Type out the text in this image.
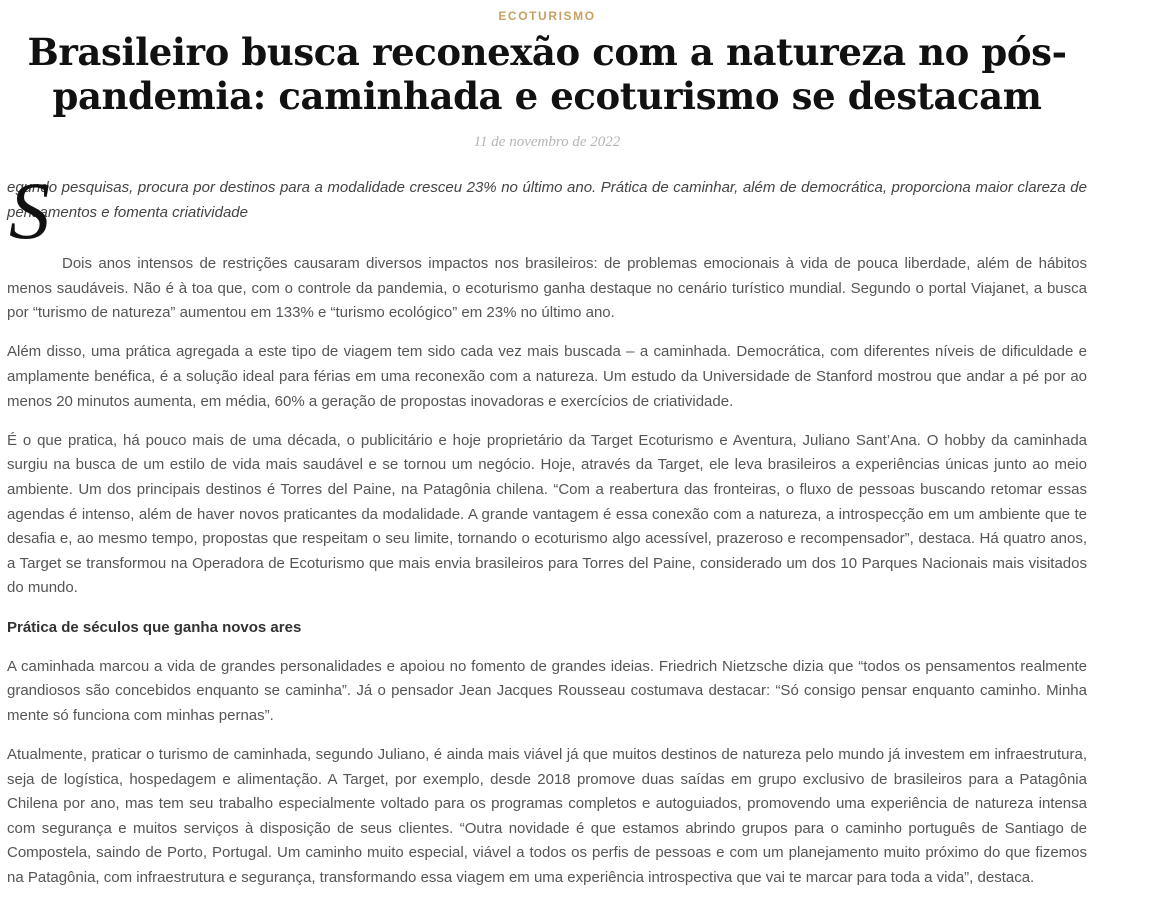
ECOTURISMO
Brasileiro busca reconexão com a natureza no pós-pandemia: caminhada e ecoturismo se destacam
11 de novembro de 2022
S

egundo pesquisas, procura por destinos para a modalidade cresceu 23% no último ano. Prática de caminhar, além de democrática, proporciona maior clareza de pensamentos e fomenta criatividade

Dois anos intensos de restrições causaram diversos impactos nos brasileiros: de problemas emocionais à vida de pouca liberdade, além de hábitos menos saudáveis. Não é à toa que, com o controle da pandemia, o ecoturismo ganha destaque no cenário turístico mundial. Segundo o portal Viajanet, a busca por “turismo de natureza” aumentou em 133% e “turismo ecológico” em 23% no último ano.

Além disso, uma prática agregada a este tipo de viagem tem sido cada vez mais buscada – a caminhada. Democrática, com diferentes níveis de dificuldade e amplamente benéfica, é a solução ideal para férias em uma reconexão com a natureza. Um estudo da Universidade de Stanford mostrou que andar a pé por ao menos 20 minutos aumenta, em média, 60% a geração de propostas inovadoras e exercícios de criatividade.

É o que pratica, há pouco mais de uma década, o publicitário e hoje proprietário da Target Ecoturismo e Aventura, Juliano Sant’Ana. O hobby da caminhada surgiu na busca de um estilo de vida mais saudável e se tornou um negócio. Hoje, através da Target, ele leva brasileiros a experiências únicas junto ao meio ambiente. Um dos principais destinos é Torres del Paine, na Patagônia chilena. “Com a reabertura das fronteiras, o fluxo de pessoas buscando retomar essas agendas é intenso, além de haver novos praticantes da modalidade. A grande vantagem é essa conexão com a natureza, a introspecção em um ambiente que te desafia e, ao mesmo tempo, propostas que respeitam o seu limite, tornando o ecoturismo algo acessível, prazeroso e recompensador”, destaca. Há quatro anos, a Target se transformou na Operadora de Ecoturismo que mais envia brasileiros para Torres del Paine, considerado um dos 10 Parques Nacionais mais visitados do mundo.

Prática de séculos que ganha novos ares

A caminhada marcou a vida de grandes personalidades e apoiou no fomento de grandes ideias. Friedrich Nietzsche dizia que “todos os pensamentos realmente grandiosos são concebidos enquanto se caminha”. Já o pensador Jean Jacques Rousseau costumava destacar: “Só consigo pensar enquanto caminho. Minha mente só funciona com minhas pernas”.

Atualmente, praticar o turismo de caminhada, segundo Juliano, é ainda mais viável já que muitos destinos de natureza pelo mundo já investem em infraestrutura, seja de logística, hospedagem e alimentação. A Target, por exemplo, desde 2018 promove duas saídas em grupo exclusivo de brasileiros para a Patagônia Chilena por ano, mas tem seu trabalho especialmente voltado para os programas completos e autoguiados, promovendo uma experiência de natureza intensa com segurança e muitos serviços à disposição de seus clientes. “Outra novidade é que estamos abrindo grupos para o caminho português de Santiago de Compostela, saindo de Porto, Portugal. Um caminho muito especial, viável a todos os perfis de pessoas e com um planejamento muito próximo do que fizemos na Patagônia, com infraestrutura e segurança, transformando essa viagem em uma experiência introspectiva que vai te marcar para toda a vida”, destaca.
